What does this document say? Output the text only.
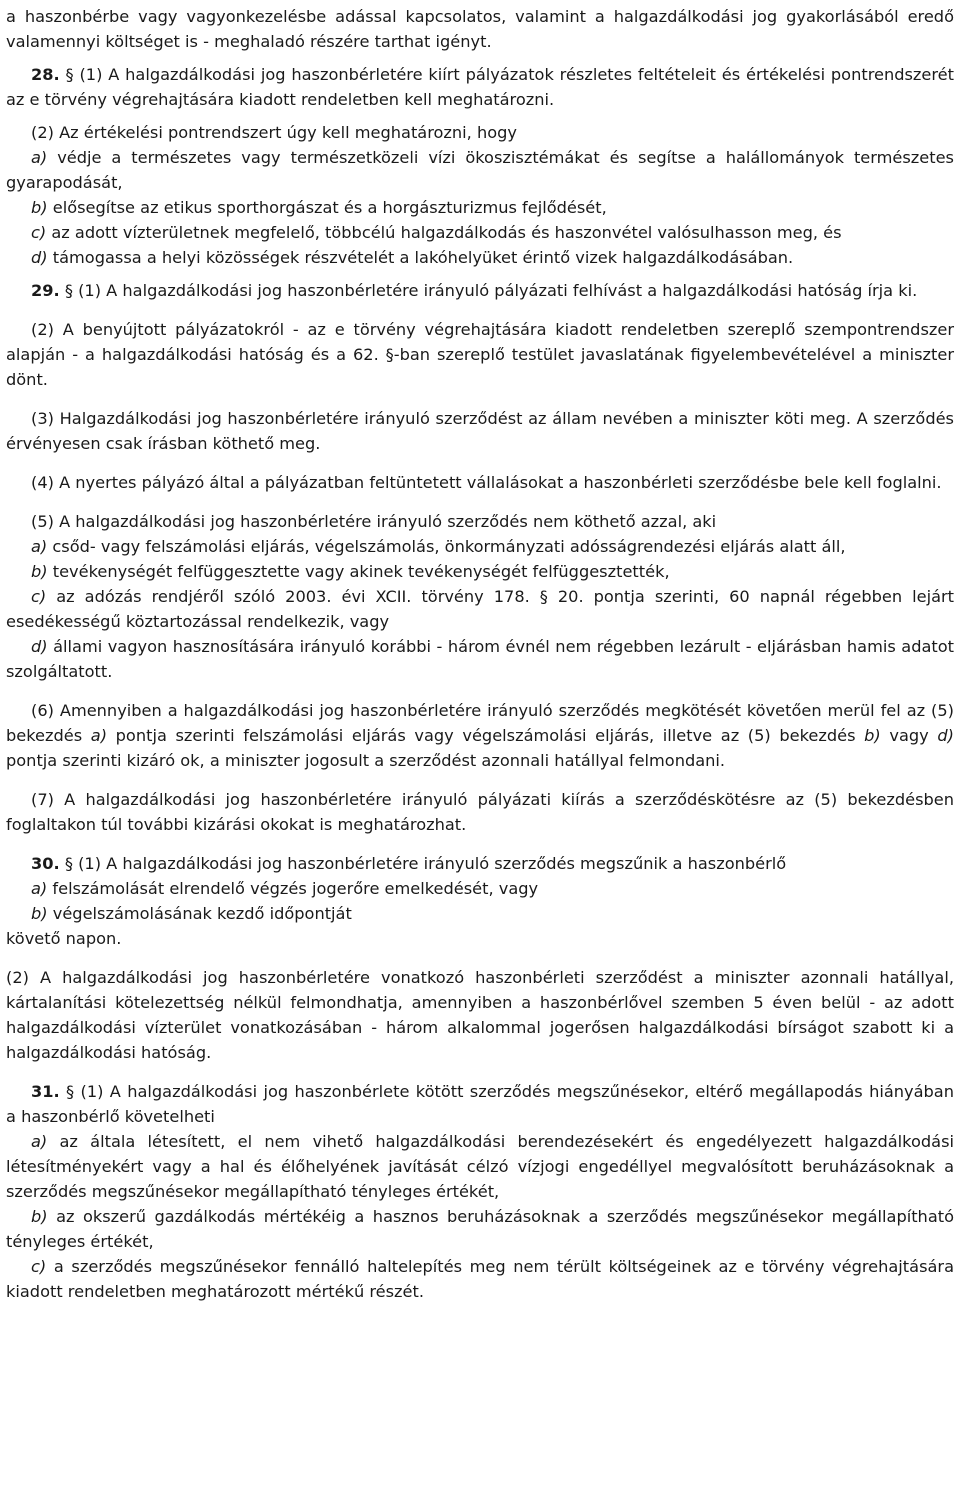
a haszonbérbe vagy vagyonkezelésbe adással kapcsolatos, valamint a halgazdálkodási jog gyakorlásából eredő valamennyi költséget is - meghaladó részére tarthat igényt.

28. § (1) A halgazdálkodási jog haszonbérletére kiírt pályázatok részletes feltételeit és értékelési pontrendszerét az e törvény végrehajtására kiadott rendeletben kell meghatározni.

(2) Az értékelési pontrendszert úgy kell meghatározni, hogy

a) védje a természetes vagy természetközeli vízi ökoszisztémákat és segítse a halállományok természetes gyarapodását,

b) elősegítse az etikus sporthorgászat és a horgászturizmus fejlődését,

c) az adott vízterületnek megfelelő, többcélú halgazdálkodás és haszonvétel valósulhasson meg, és

d) támogassa a helyi közösségek részvételét a lakóhelyüket érintő vizek halgazdálkodásában.

29. § (1) A halgazdálkodási jog haszonbérletére irányuló pályázati felhívást a halgazdálkodási hatóság írja ki.

(2) A benyújtott pályázatokról - az e törvény végrehajtására kiadott rendeletben szereplő szempontrendszer alapján - a halgazdálkodási hatóság és a 62. §-ban szereplő testület javaslatának figyelembevételével a miniszter dönt.

(3) Halgazdálkodási jog haszonbérletére irányuló szerződést az állam nevében a miniszter köti meg. A szerződés érvényesen csak írásban köthető meg.

(4) A nyertes pályázó által a pályázatban feltüntetett vállalásokat a haszonbérleti szerződésbe bele kell foglalni.

(5) A halgazdálkodási jog haszonbérletére irányuló szerződés nem köthető azzal, aki

a) csőd- vagy felszámolási eljárás, végelszámolás, önkormányzati adósságrendezési eljárás alatt áll,

b) tevékenységét felfüggesztette vagy akinek tevékenységét felfüggesztették,

c) az adózás rendjéről szóló 2003. évi XCII. törvény 178. § 20. pontja szerinti, 60 napnál régebben lejárt esedékességű köztartozással rendelkezik, vagy

d) állami vagyon hasznosítására irányuló korábbi - három évnél nem régebben lezárult - eljárásban hamis adatot szolgáltatott.

(6) Amennyiben a halgazdálkodási jog haszonbérletére irányuló szerződés megkötését követően merül fel az (5) bekezdés a) pontja szerinti felszámolási eljárás vagy végelszámolási eljárás, illetve az (5) bekezdés b) vagy d) pontja szerinti kizáró ok, a miniszter jogosult a szerződést azonnali hatállyal felmondani.

(7) A halgazdálkodási jog haszonbérletére irányuló pályázati kiírás a szerződéskötésre az (5) bekezdésben foglaltakon túl további kizárási okokat is meghatározhat.

30. § (1) A halgazdálkodási jog haszonbérletére irányuló szerződés megszűnik a haszonbérlő

a) felszámolását elrendelő végzés jogerőre emelkedését, vagy

b) végelszámolásának kezdő időpontját

követő napon.

(2) A halgazdálkodási jog haszonbérletére vonatkozó haszonbérleti szerződést a miniszter azonnali hatállyal, kártalanítási kötelezettség nélkül felmondhatja, amennyiben a haszonbérlővel szemben 5 éven belül - az adott halgazdálkodási vízterület vonatkozásában - három alkalommal jogerősen halgazdálkodási bírságot szabott ki a halgazdálkodási hatóság.

31. § (1) A halgazdálkodási jog haszonbérlete kötött szerződés megszűnésekor, eltérő megállapodás hiányában a haszonbérlő követelheti

a) az általa létesített, el nem vihető halgazdálkodási berendezésekért és engedélyezett halgazdálkodási létesítményekért vagy a hal és élőhelyének javítását célzó vízjogi engedéllyel megvalósított beruházásoknak a szerződés megszűnésekor megállapítható tényleges értékét,

b) az okszerű gazdálkodás mértékéig a hasznos beruházásoknak a szerződés megszűnésekor megállapítható tényleges értékét,

c) a szerződés megszűnésekor fennálló haltelepítés meg nem térült költségeinek az e törvény végrehajtására kiadott rendeletben meghatározott mértékű részét.
